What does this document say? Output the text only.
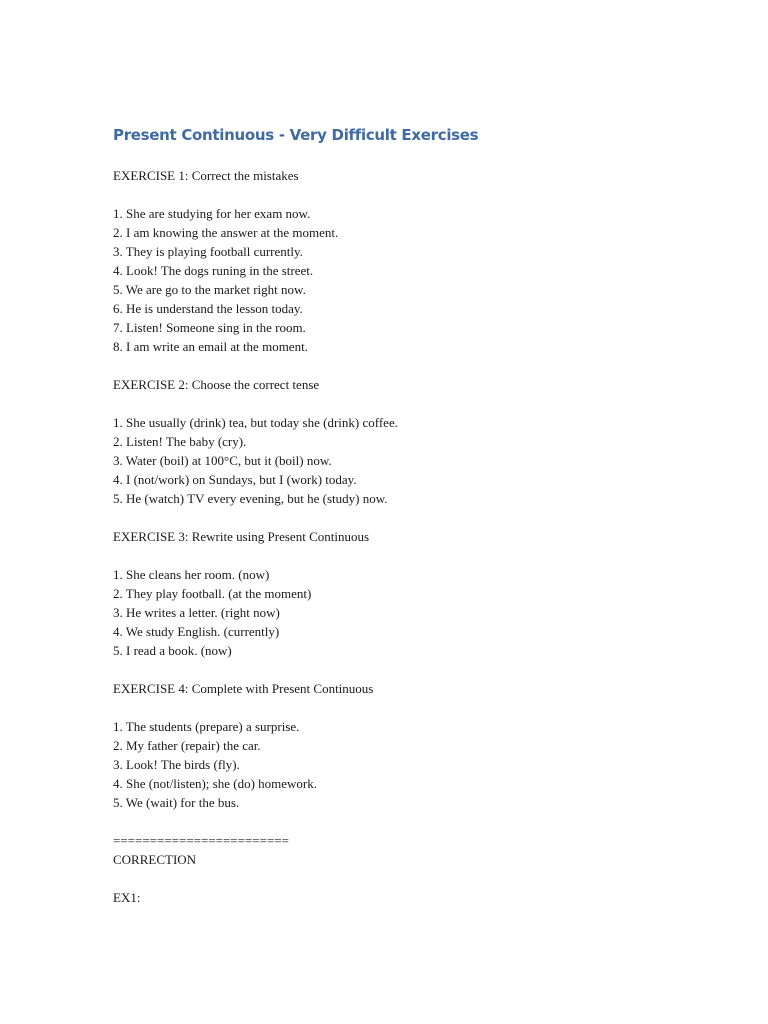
Present Continuous - Very Difficult Exercises
EXERCISE 1: Correct the mistakes
1. She are studying for her exam now.
2. I am knowing the answer at the moment.
3. They is playing football currently.
4. Look! The dogs runing in the street.
5. We are go to the market right now.
6. He is understand the lesson today.
7. Listen! Someone sing in the room.
8. I am write an email at the moment.
EXERCISE 2: Choose the correct tense
1. She usually (drink) tea, but today she (drink) coffee.
2. Listen! The baby (cry).
3. Water (boil) at 100°C, but it (boil) now.
4. I (not/work) on Sundays, but I (work) today.
5. He (watch) TV every evening, but he (study) now.
EXERCISE 3: Rewrite using Present Continuous
1. She cleans her room. (now)
2. They play football. (at the moment)
3. He writes a letter. (right now)
4. We study English. (currently)
5. I read a book. (now)
EXERCISE 4: Complete with Present Continuous
1. The students (prepare) a surprise.
2. My father (repair) the car.
3. Look! The birds (fly).
4. She (not/listen); she (do) homework.
5. We (wait) for the bus.
========================
CORRECTION
EX1:
